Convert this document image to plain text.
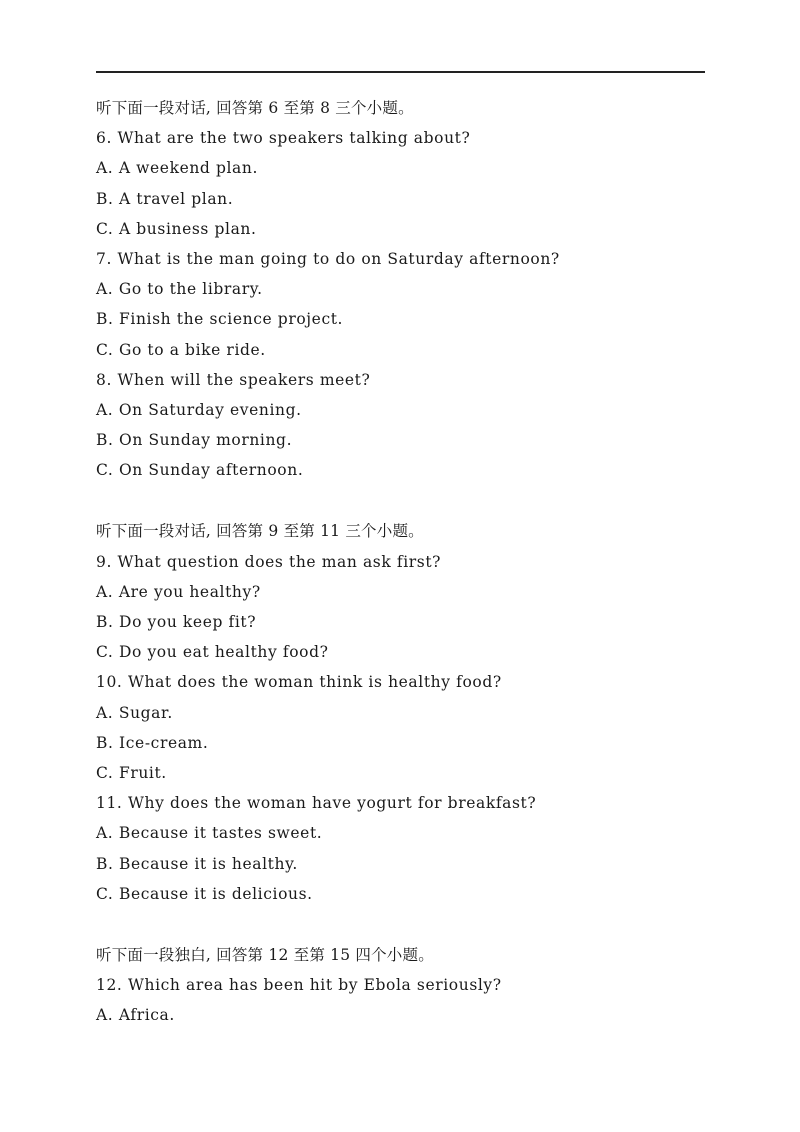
听下面一段对话, 回答第 6 至第 8 三个小题。
6. What are the two speakers talking about?
A. A weekend plan.
B. A travel plan.
C. A business plan.
7. What is the man going to do on Saturday afternoon?
A. Go to the library.
B. Finish the science project.
C. Go to a bike ride.
8. When will the speakers meet?
A. On Saturday evening.
B. On Sunday morning.
C. On Sunday afternoon.
听下面一段对话, 回答第 9 至第 11 三个小题。
9. What question does the man ask first?
A. Are you healthy?
B. Do you keep fit?
C. Do you eat healthy food?
10. What does the woman think is healthy food?
A. Sugar.
B. Ice-cream.
C. Fruit.
11. Why does the woman have yogurt for breakfast?
A. Because it tastes sweet.
B. Because it is healthy.
C. Because it is delicious.
听下面一段独白, 回答第 12 至第 15 四个小题。
12. Which area has been hit by Ebola seriously?
A. Africa.
